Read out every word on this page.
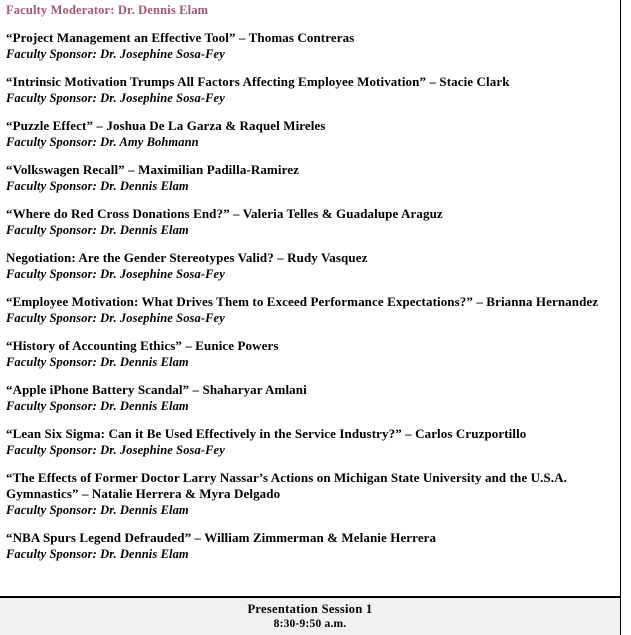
Faculty Moderator: Dr. Dennis Elam

“Project Management an Effective Tool” – Thomas Contreras

Faculty Sponsor: Dr. Josephine Sosa-Fey

“Intrinsic Motivation Trumps All Factors Affecting Employee Motivation” – Stacie Clark

Faculty Sponsor: Dr. Josephine Sosa-Fey

“Puzzle Effect” – Joshua De La Garza & Raquel Mireles

Faculty Sponsor: Dr. Amy Bohmann

“Volkswagen Recall” – Maximilian Padilla-Ramirez

Faculty Sponsor: Dr. Dennis Elam

“Where do Red Cross Donations End?” – Valeria Telles & Guadalupe Araguz

Faculty Sponsor: Dr. Dennis Elam

Negotiation: Are the Gender Stereotypes Valid? – Rudy Vasquez

Faculty Sponsor: Dr. Josephine Sosa-Fey

“Employee Motivation: What Drives Them to Exceed Performance Expectations?” – Brianna Hernandez

Faculty Sponsor: Dr. Josephine Sosa-Fey

“History of Accounting Ethics” – Eunice Powers

Faculty Sponsor: Dr. Dennis Elam

“Apple iPhone Battery Scandal” – Shaharyar Amlani

Faculty Sponsor: Dr. Dennis Elam

“Lean Six Sigma: Can it Be Used Effectively in the Service Industry?” – Carlos Cruzportillo

Faculty Sponsor: Dr. Josephine Sosa-Fey

“The Effects of Former Doctor Larry Nassar’s Actions on Michigan State University and the U.S.A. Gymnastics” – Natalie Herrera & Myra Delgado

Faculty Sponsor: Dr. Dennis Elam

“NBA Spurs Legend Defrauded” – William Zimmerman & Melanie Herrera

Faculty Sponsor: Dr. Dennis Elam

Presentation Session 1
8:30-9:50 a.m.
